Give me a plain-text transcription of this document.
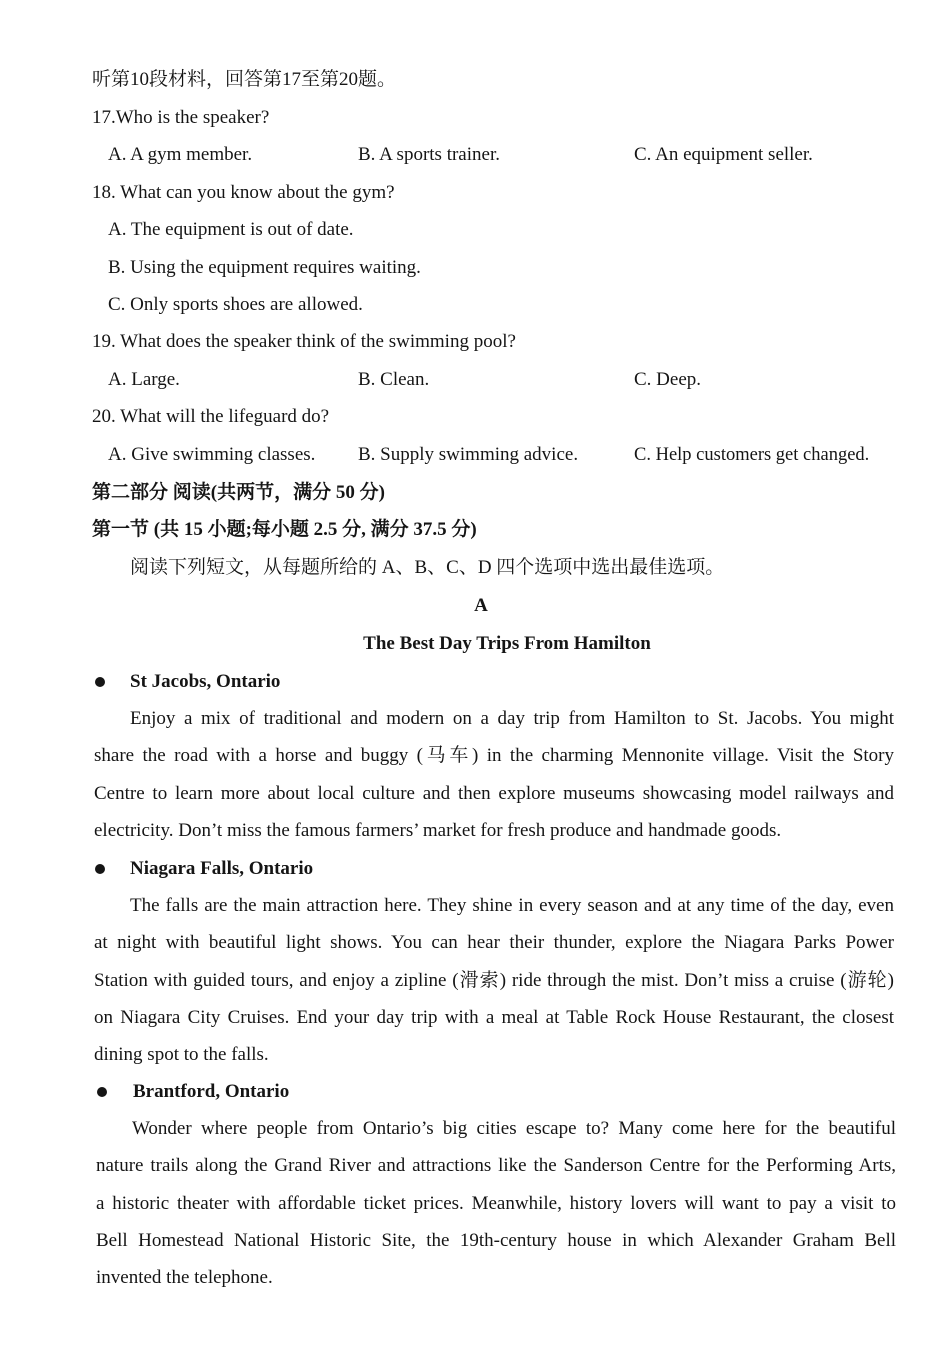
听第10段材料，回答第17至第20题。
17.Who is the speaker?
A. A gym member.	B. A sports trainer.	C. An equipment seller.
18. What can you know about the gym?
A. The equipment is out of date.
B. Using the equipment requires waiting.
C. Only sports shoes are allowed.
19. What does the speaker think of the swimming pool?
A. Large.	B. Clean.	C. Deep.
20. What will the lifeguard do?
A. Give swimming classes. B. Supply swimming advice.	C. Help customers get changed.
第二部分 阅读(共两节，满分 50 分)
第一节 (共 15 小题;每小题 2.5 分, 满分 37.5 分)
阅读下列短文，从每题所给的 A、B、C、D 四个选项中选出最佳选项。
A
The Best Day Trips From Hamilton
St Jacobs, Ontario
Enjoy a mix of traditional and modern on a day trip from Hamilton to St. Jacobs. You might
share the road with a horse and buggy (马车) in the charming Mennonite village. Visit the Story
Centre to learn more about local culture and then explore museums showcasing model railways and
electricity. Don’t miss the famous farmers’ market for fresh produce and handmade goods.
Niagara Falls, Ontario
The falls are the main attraction here. They shine in every season and at any time of the day, even
at night with beautiful light shows. You can hear their thunder, explore the Niagara Parks Power
Station with guided tours, and enjoy a zipline (滑索) ride through the mist. Don’t miss a cruise (游轮)
on Niagara City Cruises. End your day trip with a meal at Table Rock House Restaurant, the closest
dining spot to the falls.
Brantford, Ontario
Wonder where people from Ontario’s big cities escape to? Many come here for the beautiful
nature trails along the Grand River and attractions like the Sanderson Centre for the Performing Arts,
a historic theater with affordable ticket prices. Meanwhile, history lovers will want to pay a visit to
Bell Homestead National Historic Site, the 19th-century house in which Alexander Graham Bell
invented the telephone.
